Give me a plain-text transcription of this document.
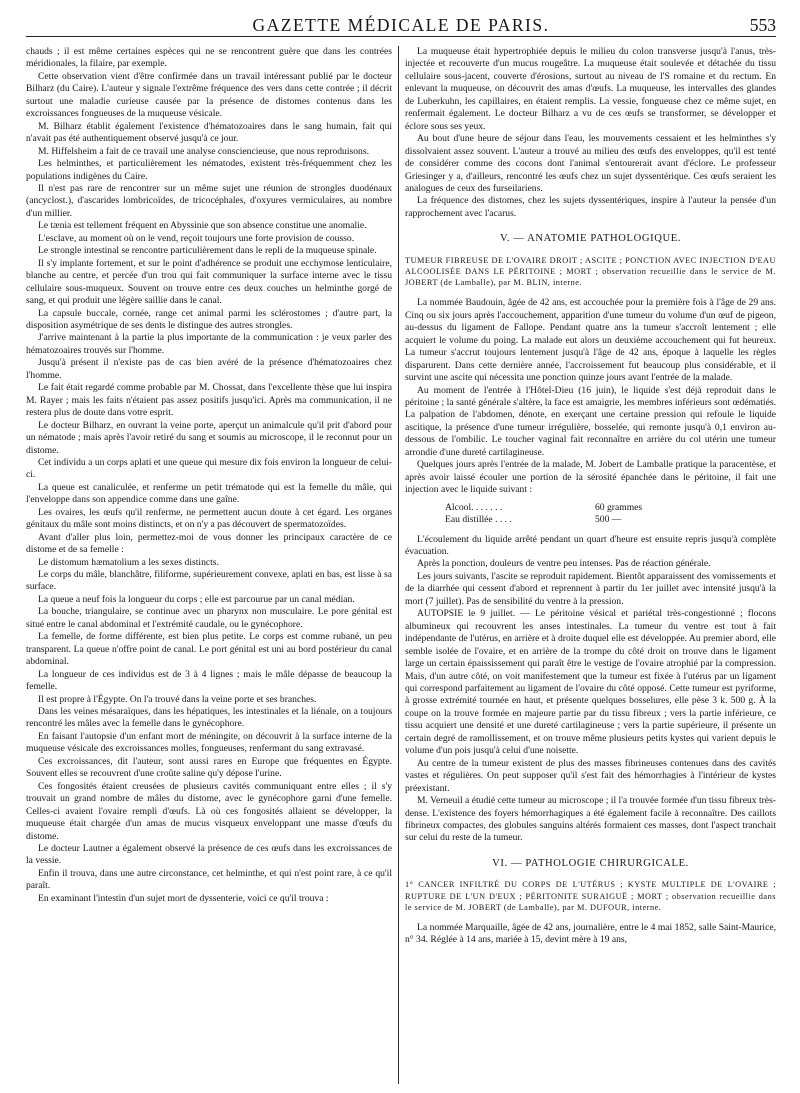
GAZETTE MÉDICALE DE PARIS.	553

chauds ; il est même certaines espèces qui ne se rencontrent guère que dans les contrées méridionales, la filaire, par exemple.

Cette observation vient d'être confirmée dans un travail intéressant publié par le docteur Bilharz (du Caire). L'auteur y signale l'extrême fréquence des vers dans cette contrée ; il décrit surtout une maladie curieuse causée par la présence de distomes contenus dans les excroissances fongueuses de la muqueuse vésicale.

M. Bilharz établit également l'existence d'hématozoaires dans le sang humain, fait qui n'avait pas été authentiquement observé jusqu'à ce jour.

M. Hiffelsheim a fait de ce travail une analyse consciencieuse, que nous reproduisons.

Les helminthes, et particulièrement les nématodes, existent très-fréquemment chez les populations indigènes du Caire.

Il n'est pas rare de rencontrer sur un même sujet une réunion de strongles duodénaux (ancyclost.), d'ascarides lombricoïdes, de tricocéphales, d'oxyures vermiculaires, au nombre d'un millier.

Le tænia est tellement fréquent en Abyssinie que son absence constitue une anomalie.

L'esclave, au moment où on le vend, reçoit toujours une forte provision de cousso.

Le strongle intestinal se rencontre particulièrement dans le repli de la muqueuse spinale.

Il s'y implante fortement, et sur le point d'adhérence se produit une ecchymose lenticulaire, blanche au centre, et percée d'un trou qui fait communiquer la surface interne avec le tissu cellulaire sous-muqueux. Souvent on trouve entre ces deux couches un helminthe gorgé de sang, et qui produit une légère saillie dans le canal.

La capsule buccale, cornée, range cet animal parmi les sclérostomes ; d'autre part, la disposition asymétrique de ses dents le distingue des autres strongles.

J'arrive maintenant à la partie la plus importante de la communication : je veux parler des hématozoaires trouvés sur l'homme.

Jusqu'à présent il n'existe pas de cas bien avéré de la présence d'hématozoaires chez l'homme.

Le fait était regardé comme probable par M. Chossat, dans l'excellente thèse que lui inspira M. Rayer ; mais les faits n'étaient pas assez positifs jusqu'ici. Après ma communication, il ne restera plus de doute dans votre esprit.

Le docteur Bilharz, en ouvrant la veine porte, aperçut un animalcule qu'il prit d'abord pour un nématode ; mais après l'avoir retiré du sang et soumis au microscope, il le reconnut pour un distome.

Cet individu a un corps aplati et une queue qui mesure dix fois environ la longueur de celui-ci.

La queue est canaliculée, et renferme un petit trématode qui est la femelle du mâle, qui l'enveloppe dans son appendice comme dans une gaîne.

Les ovaires, les œufs qu'il renferme, ne permettent aucun doute à cet égard. Les organes génitaux du mâle sont moins distincts, et on n'y a pas découvert de spermatozoïdes.

Avant d'aller plus loin, permettez-moi de vous donner les principaux caractère de ce distome et de sa femelle :

Le distomum hæmatolium a les sexes distincts.

Le corps du mâle, blanchâtre, filiforme, supérieurement convexe, aplati en bas, est lisse à sa surface.

La queue a neuf fois la longueur du corps ; elle est parcourue par un canal médian.

La bouche, triangulaire, se continue avec un pharynx non musculaire. Le pore génital est situé entre le canal abdominal et l'extrémité caudale, ou le gynécophore.

La femelle, de forme différente, est bien plus petite. Le corps est comme rubané, un peu transparent. La queue n'offre point de canal. Le port génital est uni au bord postérieur du canal abdominal.

La longueur de ces individus est de 3 à 4 lignes ; mais le mâle dépasse de beaucoup la femelle.

Il est propre à l'Égypte. On l'a trouvé dans la veine porte et ses branches.

Dans les veines mésaraïques, dans les hépatiques, les intestinales et la liénale, on a toujours rencontré les mâles avec la femelle dans le gynécophore.

En faisant l'autopsie d'un enfant mort de méningite, on découvrit à la surface interne de la muqueuse vésicale des excroissances molles, fongueuses, renfermant du sang extravasé.

Ces excroissances, dit l'auteur, sont aussi rares en Europe que fréquentes en Égypte. Souvent elles se recouvrent d'une croûte saline qu'y dépose l'urine.

Ces fongosités étaient creusées de plusieurs cavités communiquant entre elles ; il s'y trouvait un grand nombre de mâles du distome, avec le gynécophore garni d'une femelle. Celles-ci avaient l'ovaire rempli d'œufs. Là où ces fongosités allaient se développer, la muqueuse était chargée d'un amas de mucus visqueux enveloppant une masse d'œufs du distome.

Le docteur Lautner a également observé la présence de ces œufs dans les excroissances de la vessie.

Enfin il trouva, dans une autre circonstance, cet helminthe, et qui n'est point rare, à ce qu'il paraît.

En examinant l'intestin d'un sujet mort de dyssenterie, voici ce qu'il trouva :

La muqueuse était hypertrophiée depuis le milieu du colon transverse jusqu'à l'anus, très-injectée et recouverte d'un mucus rougeâtre. La muqueuse était soulevée et détachée du tissu cellulaire sous-jacent, couverte d'érosions, surtout au niveau de l'S romaine et du rectum. En enlevant la muqueuse, on découvrit des amas d'œufs. La muqueuse, les intervalles des glandes de Luberkuhn, les capillaires, en étaient remplis. La vessie, fongueuse chez ce même sujet, en renfermait également. Le docteur Bilharz a vu de ces œufs se transformer, se développer et éclore sous ses yeux.

Au bout d'une heure de séjour dans l'eau, les mouvements cessaient et les helminthes s'y dissolvaient assez souvent. L'auteur a trouvé au milieu des œufs des enveloppes, qu'il est tenté de considérer comme des cocons dont l'animal s'entourerait avant d'éclore. Le professeur Griesinger y a, d'ailleurs, rencontré les œufs chez un sujet dyssentérique. Ces œufs seraient les analogues de ceux des furseilariens.

La fréquence des distomes, chez les sujets dyssentériques, inspire à l'auteur la pensée d'un rapprochement avec l'acarus.

V. — ANATOMIE PATHOLOGIQUE.
TUMEUR FIBREUSE DE L'OVAIRE DROIT ; ASCITE ; PONCTION AVEC INJECTION D'EAU ALCOOLISÉE DANS LE PÉRITOINE ; MORT ; observation recueillie dans le service de M. JOBERT (de Lamballe), par M. BLIN, interne.

La nommée Baudouin, âgée de 42 ans, est accouchée pour la première fois à l'âge de 29 ans. Cinq ou six jours après l'accouchement, apparition d'une tumeur du volume d'un œuf de pigeon, au-dessus du ligament de Fallope. Pendant quatre ans la tumeur s'accroît lentement ; elle acquiert le volume du poing. La malade eut alors un deuxième accouchement qui fut heureux. La tumeur s'accrut toujours lentement jusqu'à l'âge de 42 ans, époque à laquelle les règles disparurent. Dans cette dernière année, l'accroissement fut beaucoup plus considérable, et il survint une ascite qui nécessita une ponction quinze jours avant l'entrée de la malade.

Au moment de l'entrée à l'Hôtel-Dieu (16 juin), le liquide s'est déjà reproduit dans le péritoine ; la santé générale s'altère, la face est amaigrie, les membres inférieurs sont œdématiés. La palpation de l'abdomen, dénote, en exerçant une certaine pression qui refoule le liquide ascitique, la présence d'une tumeur irrégulière, bosselée, qui remonte jusqu'à 0,1 environ au-dessous de l'ombilic. Le toucher vaginal fait reconnaître en arrière du col utérin une tumeur arrondie d'une dureté cartilagineuse.

Quelques jours après l'entrée de la malade, M. Jobert de Lamballe pratique la paracentèse, et après avoir laissé écouler une portion de la sérosité épanchée dans le péritoine, il fait une injection avec le liquide suivant :

Alcool. . . . . . .	60 grammes
Eau distillée . . . .	500 —

L'écoulement du liquide arrêté pendant un quart d'heure est ensuite repris jusqu'à complète évacuation.

Après la ponction, douleurs de ventre peu intenses. Pas de réaction générale.

Les jours suivants, l'ascite se reproduit rapidement. Bientôt apparaissent des vomissements et de la diarrhée qui cessent d'abord et reprennent à partir du 1er juillet avec intensité jusqu'à la mort (7 juillet). Pas de sensibilité du ventre à la pression.

AUTOPSIE le 9 juillet. — Le péritoine vésical et pariétal très-congestionné ; flocons albumineux qui recouvrent les anses intestinales. La tumeur du ventre est tout à fait indépendante de l'utérus, en arrière et à droite duquel elle est développée. Au premier abord, elle semble isolée de l'ovaire, et en arrière de la trompe du côté droit on trouve dans le ligament large un certain épaississement qui paraît être le vestige de l'ovaire atrophié par la compression. Mais, d'un autre côté, on voit manifestement que la tumeur est fixée à l'utérus par un ligament qui correspond parfaitement au ligament de l'ovaire du côté opposé. Cette tumeur est pyriforme, à grosse extrémité tournée en haut, et présente quelques bosselures, elle pèse 3 k. 500 g. À la coupe on la trouve formée en majeure partie par du tissu fibreux ; vers la partie inférieure, ce tissu acquiert une densité et une dureté cartilagineuse ; vers la partie supérieure, il présente un certain degré de ramollissement, et on trouve même plusieurs petits kystes qui varient depuis le volume d'un pois jusqu'à celui d'une noisette.

Au centre de la tumeur existent de plus des masses fibrineuses contenues dans des cavités vastes et régulières. On peut supposer qu'il s'est fait des hémorrhagies à l'intérieur de kystes préexistant.

M. Verneuil a étudié cette tumeur au microscope ; il l'a trouvée formée d'un tissu fibreux très-dense. L'existence des foyers hémorrhagiques a été également facile à reconnaître. Des caillots fibrineux compactes, des globules sanguins altérés formaient ces masses, dont l'aspect tranchait sur celui du reste de la tumeur.

VI. — PATHOLOGIE CHIRURGICALE.
1° CANCER INFILTRÉ DU CORPS DE L'UTÉRUS ; KYSTE MULTIPLE DE L'OVAIRE ; RUPTURE DE L'UN D'EUX ; PÉRITONITE SURAIGUË ; MORT ; observation recueillie dans le service de M. JOBERT (de Lamballe), par M. DUFOUR, interne.

La nommée Marquaille, âgée de 42 ans, journalière, entre le 4 mai 1852, salle Saint-Maurice, n° 34. Réglée à 14 ans, mariée à 15, devint mère à 19 ans,
